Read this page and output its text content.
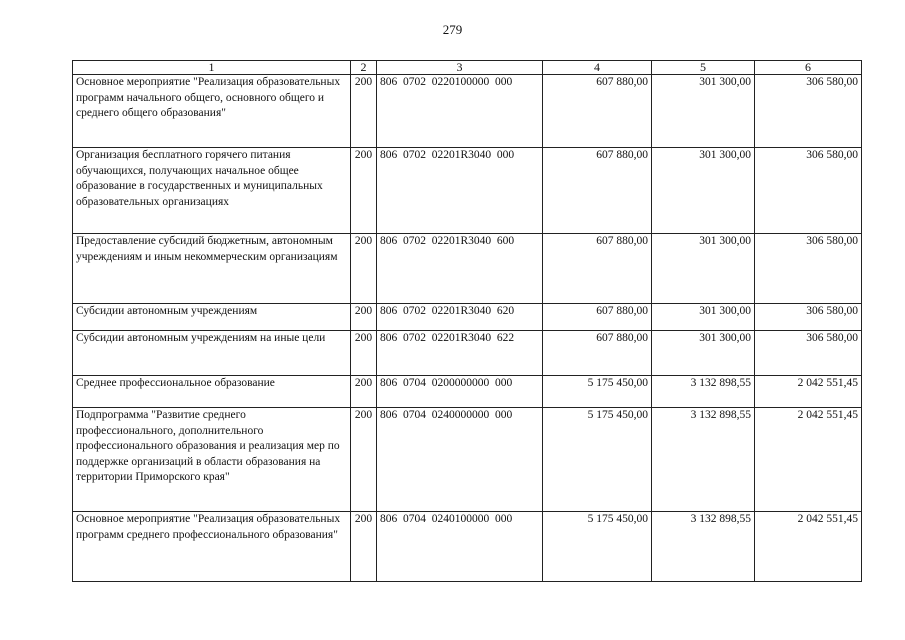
279
1	2	3	4	5	6
Основное мероприятие "Реализация образовательных программ начального общего, основного общего и среднего общего образования"	200	806  0702  0220100000  000	607 880,00	301 300,00	306 580,00
Организация бесплатного горячего питания обучающихся, получающих начальное общее образование в государственных и муниципальных образовательных организациях	200	806  0702  02201R3040  000	607 880,00	301 300,00	306 580,00
Предоставление субсидий бюджетным, автономным учреждениям и иным некоммерческим организациям	200	806  0702  02201R3040  600	607 880,00	301 300,00	306 580,00
Субсидии автономным учреждениям	200	806  0702  02201R3040  620	607 880,00	301 300,00	306 580,00
Субсидии автономным учреждениям на иные цели	200	806  0702  02201R3040  622	607 880,00	301 300,00	306 580,00
Среднее профессиональное образование	200	806  0704  0200000000  000	5 175 450,00	3 132 898,55	2 042 551,45
Подпрограмма "Развитие среднего профессионального, дополнительного профессионального образования и реализация мер по поддержке организаций в области образования на территории Приморского края"	200	806  0704  0240000000  000	5 175 450,00	3 132 898,55	2 042 551,45
Основное мероприятие "Реализация образовательных программ среднего профессионального образования"	200	806  0704  0240100000  000	5 175 450,00	3 132 898,55	2 042 551,45
